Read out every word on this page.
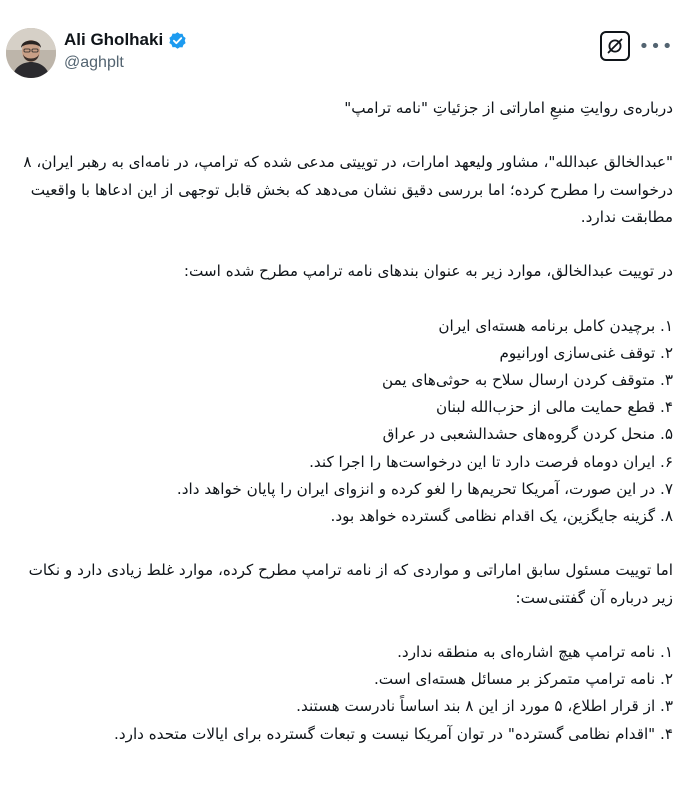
Ali Gholhaki
@aghplt
•••

درباره‌ی روایتِ منبعِ اماراتی از جزئیاتِ "نامه ترامپ"

"عبدالخالق عبدالله"، مشاور ولیعهد امارات، در توییتی مدعی شده که ترامپ، در نامه‌ای به رهبر ایران، ۸ درخواست را مطرح کرده؛ اما بررسی دقیق نشان می‌دهد که بخش قابل توجهی از این ادعاها با واقعیت مطابقت ندارد.

در توییت عبدالخالق، موارد زیر به عنوان بندهای نامه ترامپ مطرح شده است:

۱. برچیدن کامل برنامه هسته‌ای ایران

۲. توقف غنی‌سازی اورانیوم

۳. متوقف کردن ارسال سلاح به حوثی‌های یمن

۴. قطع حمایت مالی از حزب‌الله لبنان

۵. منحل کردن گروه‌های حشدالشعبی در عراق

۶. ایران دوماه فرصت دارد تا این درخواست‌ها را اجرا کند.

۷. در این صورت، آمریکا تحریم‌ها را لغو کرده و انزوای ایران را پایان خواهد داد.

۸. گزینه جایگزین، یک اقدام نظامی گسترده خواهد بود.

اما توییت مسئول سابق اماراتی و مواردی که از نامه ترامپ مطرح کرده، موارد غلط زیادی دارد و نکات زیر درباره آن گفتنی‌ست:

۱. نامه ترامپ هیچ اشاره‌ای به منطقه ندارد.

۲. نامه ترامپ متمرکز بر مسائل هسته‌ای است.

۳. از قرار اطلاع، ۵ مورد از این ۸ بند اساساً نادرست هستند.

۴. "اقدام نظامی گسترده" در توان آمریکا نیست و تبعات گسترده برای ایالات متحده دارد.
